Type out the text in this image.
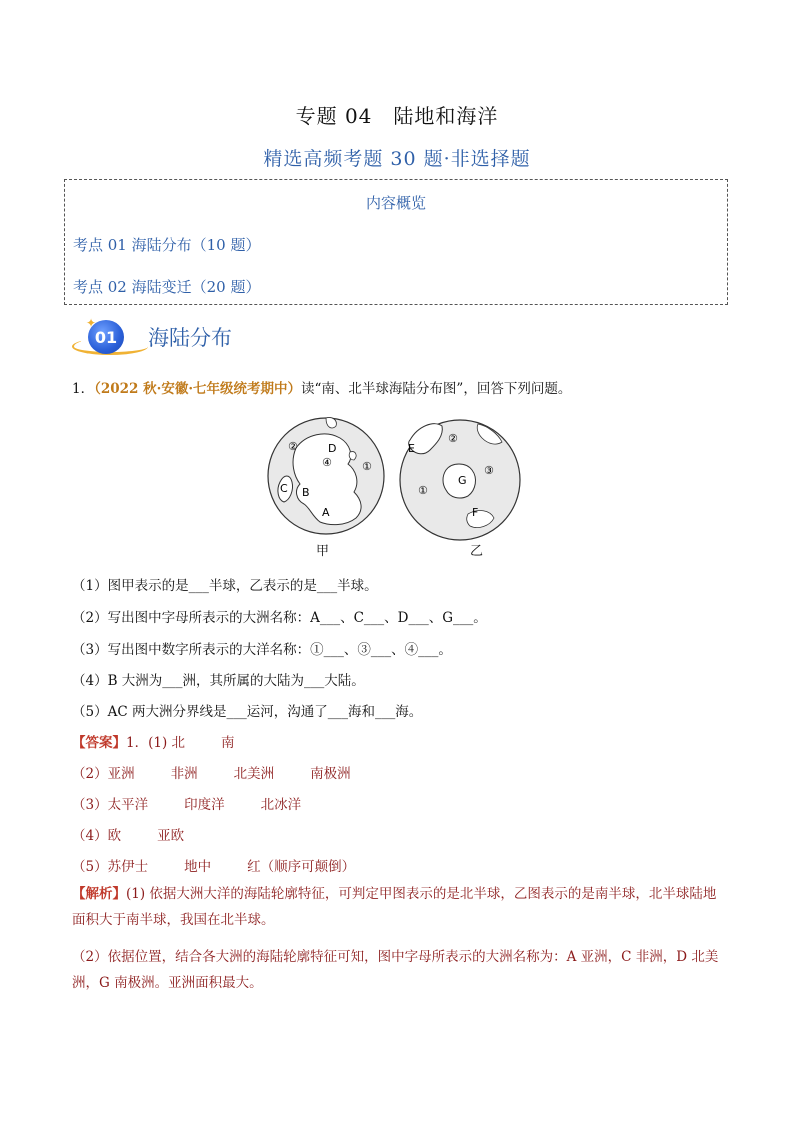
专题 04　陆地和海洋
精选高频考题 30 题·非选择题
内容概览
考点 01 海陆分布（10 题）
考点 02 海陆变迁（20 题）
01
✦
海陆分布
1．（2022 秋·安徽·七年级统考期中）读“南、北半球海陆分布图”，回答下列问题。
②	D
④	①
C B
A
E
②
③
①
G
F
甲	乙
（1）图甲表示的是___半球，乙表示的是___半球。
（2）写出图中字母所表示的大洲名称：A___、C___、D___、G___。
（3）写出图中数字所表示的大洋名称：①___、③___、④___。
（4）B 大洲为___洲，其所属的大陆为___大陆。
（5）AC 两大洲分界线是___运河，沟通了___海和___海。
【答案】1．(1) 北	南
（2）亚洲	非洲	北美洲	南极洲
（3）太平洋	印度洋	北冰洋
（4）欧	亚欧
（5）苏伊士	地中	红（顺序可颠倒）
【解析】(1) 依据大洲大洋的海陆轮廓特征，可判定甲图表示的是北半球，乙图表示的是南半球，北半球陆地面积大于南半球，我国在北半球。
（2）依据位置，结合各大洲的海陆轮廓特征可知，图中字母所表示的大洲名称为：A 亚洲，C 非洲，D 北美洲，G 南极洲。亚洲面积最大。
